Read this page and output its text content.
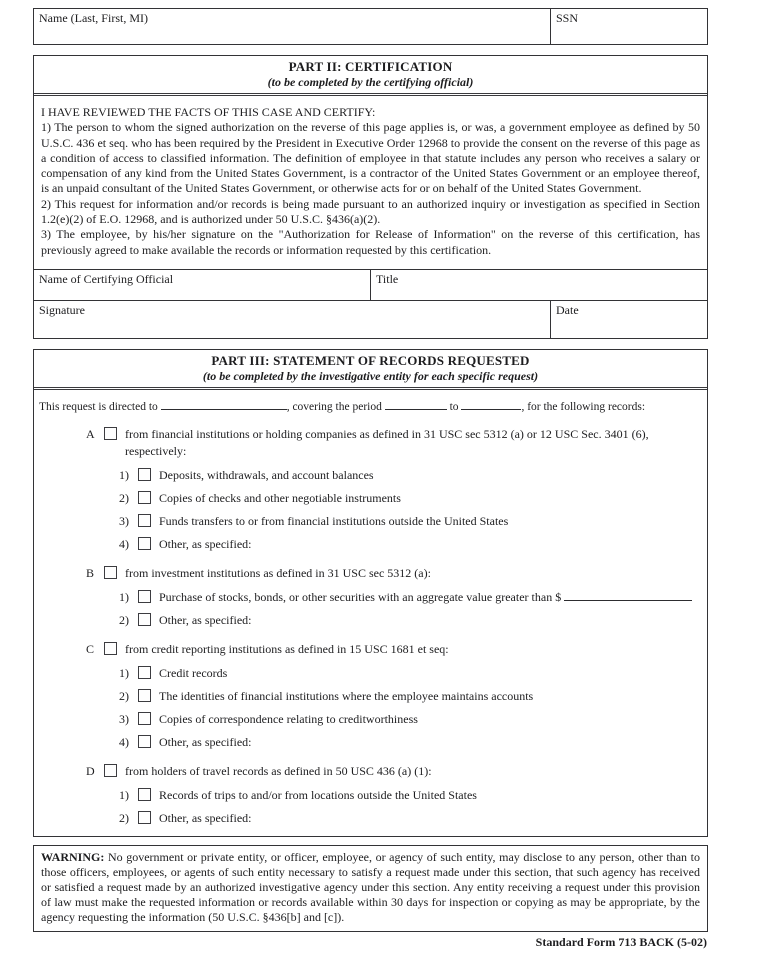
Name (Last, First, MI)	SSN
PART II: CERTIFICATION
(to be completed by the certifying official)
I HAVE REVIEWED THE FACTS OF THIS CASE AND CERTIFY:

1) The person to whom the signed authorization on the reverse of this page applies is, or was, a government employee as defined by 50 U.S.C. 436 et seq. who has been required by the President in Executive Order 12968 to provide the consent on the reverse of this page as a condition of access to classified information. The definition of employee in that statute includes any person who receives a salary or compensation of any kind from the United States Government, is a contractor of the United States Government or an employee thereof, is an unpaid consultant of the United States Government, or otherwise acts for or on behalf of the United States Government.

2) This request for information and/or records is being made pursuant to an authorized inquiry or investigation as specified in Section 1.2(e)(2) of E.O. 12968, and is authorized under 50 U.S.C. §436(a)(2).

3) The employee, by his/her signature on the "Authorization for Release of Information" on the reverse of this certification, has previously agreed to make available the records or information requested by this certification.

Name of Certifying Official	Title
Signature	Date
PART III: STATEMENT OF RECORDS REQUESTED
(to be completed by the investigative entity for each specific request)
This request is directed to	, covering the period	to	, for the following records:
A	from financial institutions or holding companies as defined in 31 USC sec 5312 (a) or 12 USC Sec. 3401 (6), respectively:
1)	Deposits, withdrawals, and account balances
2)	Copies of checks and other negotiable instruments
3)	Funds transfers to or from financial institutions outside the United States
4)	Other, as specified:
B	from investment institutions as defined in 31 USC sec 5312 (a):
1)	Purchase of stocks, bonds, or other securities with an aggregate value greater than $
2)	Other, as specified:
C	from credit reporting institutions as defined in 15 USC 1681 et seq:
1)	Credit records
2)	The identities of financial institutions where the employee maintains accounts
3)	Copies of correspondence relating to creditworthiness
4)	Other, as specified:
D	from holders of travel records as defined in 50 USC 436 (a) (1):
1)	Records of trips to and/or from locations outside the United States
2)	Other, as specified:

WARNING: No government or private entity, or officer, employee, or agency of such entity, may disclose to any person, other than to those officers, employees, or agents of such entity necessary to satisfy a request made under this section, that such agency has received or satisfied a request made by an authorized investigative agency under this section. Any entity receiving a request under this provision of law must make the requested information or records available within 30 days for inspection or copying as may be appropriate, by the agency requesting the information (50 U.S.C. §436[b] and [c]).

Standard Form 713 BACK (5-02)
